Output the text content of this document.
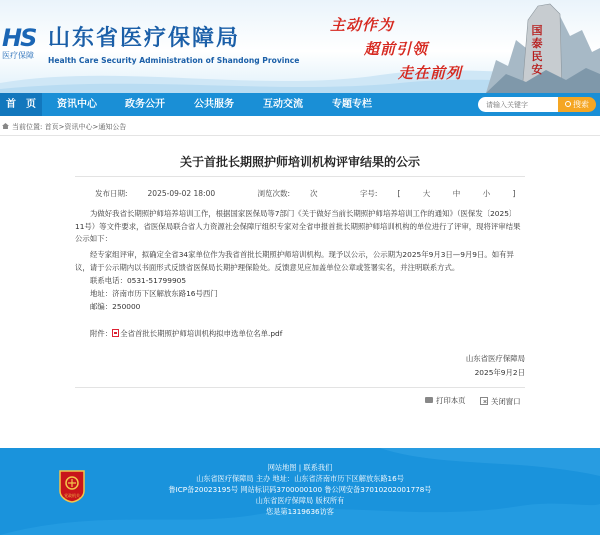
HS
医疗保障
山东省医疗保障局
Health Care Security Administration of Shandong Province
主动作为
超前引领
走在前列
国泰民安
首　页	资讯中心	政务公开	公共服务	互动交流	专题专栏
请输入关键字	搜索
当前位置: 首页>资讯中心>通知公告
关于首批长期照护师培训机构评审结果的公示
发布日期:	2025-09-02 18:00	浏览次数:	次	字号:	[	大	中	小	]
为做好我省长期照护师培养培训工作，根据国家医保局等7部门《关于做好当前长期照护师培养培训工作的通知》（医保发〔2025〕11号）等文件要求，省医保局联合省人力资源社会保障厅组织专家对全省申报首批长期照护师培训机构的单位进行了评审，现将评审结果公示如下：
经专家组评审，拟确定全省34家单位作为我省首批长期照护师培训机构。现予以公示，公示期为2025年9月3日—9月9日。如有异议，请于公示期内以书面形式反馈省医保局长期护理保险处。反馈意见应加盖单位公章或签署实名，并注明联系方式。
联系电话：0531-51799905
地址：济南市历下区解放东路16号西门
邮编：250000
附件： 全省首批长期照护师培训机构拟申选单位名单.pdf
山东省医疗保障局
2025年9月2日
打印本页	关闭窗口
党政机关
网站地图 | 联系我们
山东省医疗保障局 主办 地址：山东省济南市历下区解放东路16号
鲁ICP备20023195号 网站标识码3700000100 鲁公网安备37010202001778号
山东省医疗保障局 版权所有
您是第1319636访客
